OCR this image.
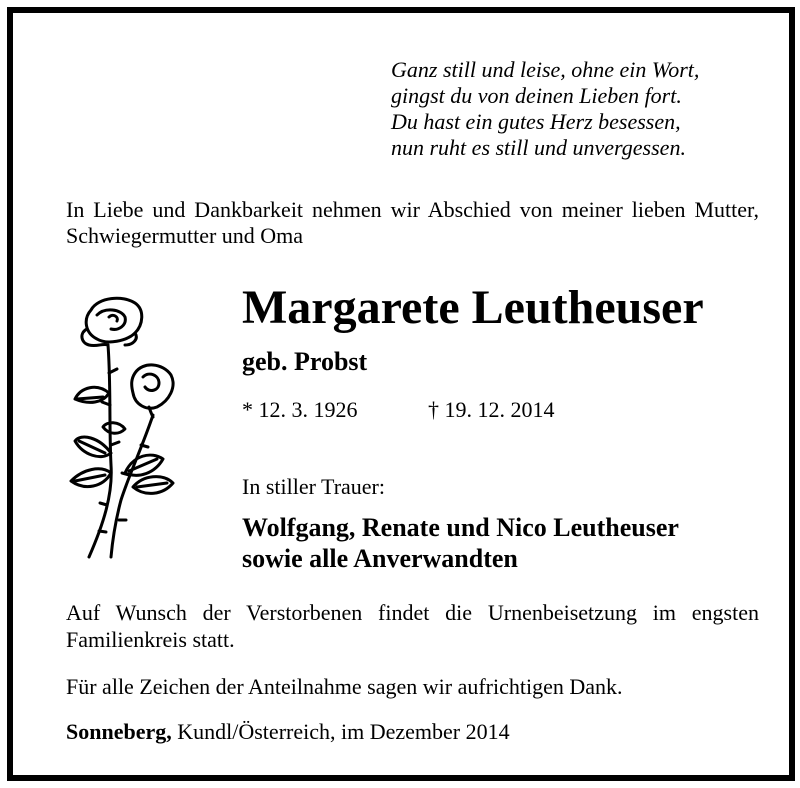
Ganz still und leise, ohne ein Wort,
gingst du von deinen Lieben fort.
Du hast ein gutes Herz besessen,
nun ruht es still und unvergessen.
In Liebe und Dankbarkeit nehmen wir Abschied von meiner lieben Mutter, Schwiegermutter und Oma
Margarete Leutheuser
geb. Probst
* 12. 3. 1926	† 19. 12. 2014
In stiller Trauer:
Wolfgang, Renate und Nico Leutheuser
sowie alle Anverwandten
Auf Wunsch der Verstorbenen findet die Urnenbeisetzung im engsten Familienkreis statt.
Für alle Zeichen der Anteilnahme sagen wir aufrichtigen Dank.
Sonneberg, Kundl/Österreich, im Dezember 2014
